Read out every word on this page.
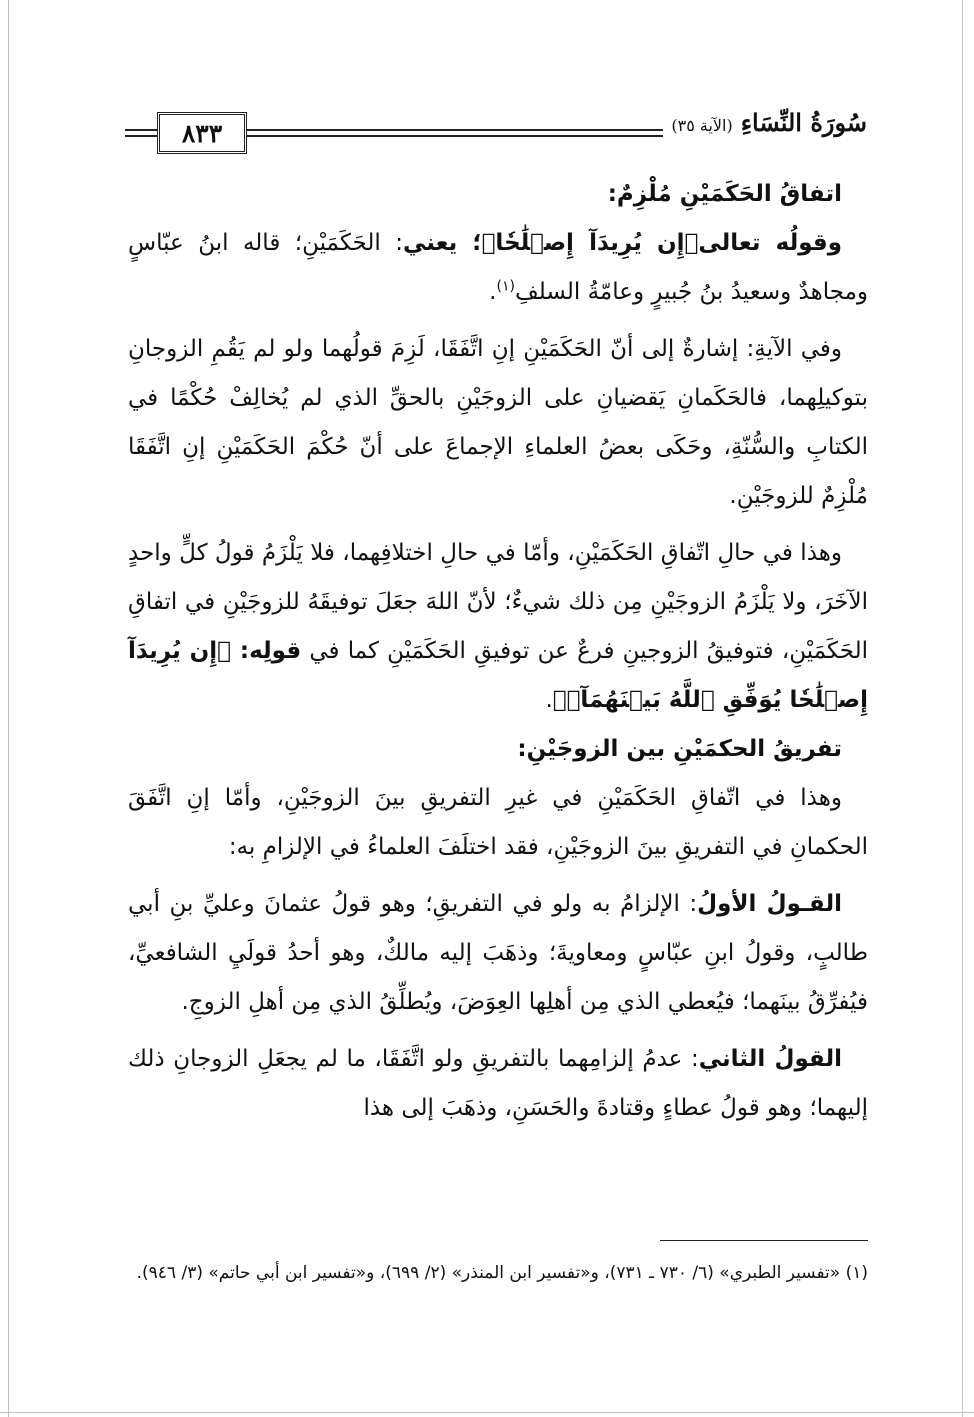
٨٣٣	سُورَةُ النِّسَاءِ
(الآية ٣٥)

اتفاقُ الحَكَمَيْنِ مُلْزِمٌ:

وقولُه تعالى﴿إِن يُرِيدَآ إِصۡلَٰحٗا﴾؛ يعني: الحَكَمَيْنِ؛ قاله ابنُ عبّاسٍ ومجاهدٌ وسعيدُ بنُ جُبيرٍ وعامّةُ السلفِ$^{(١)}$.

وفي الآيةِ: إشارةٌ إلى أنّ الحَكَمَيْنِ إنِ اتَّفَقَا، لَزِمَ قولُهما ولو لم يَقُمِ الزوجانِ بتوكيلِهما، فالحَكَمانِ يَقضيانِ على الزوجَيْنِ بالحقِّ الذي لم يُخالِفْ حُكْمًا في الكتابِ والسُّنّةِ، وحَكَى بعضُ العلماءِ الإجماعَ على أنّ حُكْمَ الحَكَمَيْنِ إنِ اتَّفَقَا مُلْزِمٌ للزوجَيْنِ.

وهذا في حالِ اتّفاقِ الحَكَمَيْنِ، وأمّا في حالِ اختلافِهما، فلا يَلْزَمُ قولُ كلٍّ واحدٍ الآخَرَ، ولا يَلْزَمُ الزوجَيْنِ مِن ذلك شيءٌ؛ لأنّ اللهَ جعَلَ توفيقَهُ للزوجَيْنِ في اتفاقِ الحَكَمَيْنِ، فتوفيقُ الزوجينِ فرعٌ عن توفيقِ الحَكَمَيْنِ كما في قولِه: ﴿إِن يُرِيدَآ إِصۡلَٰحٗا يُوَفِّقِ ٱللَّهُ بَيۡنَهُمَآۗ﴾.

تفريقُ الحكمَيْنِ بين الزوجَيْنِ:

وهذا في اتّفاقِ الحَكَمَيْنِ في غيرِ التفريقِ بينَ الزوجَيْنِ، وأمّا إنِ اتَّفَقَ الحكمانِ في التفريقِ بينَ الزوجَيْنِ، فقد اختلَفَ العلماءُ في الإلزامِ به:

القـولُ الأولُ: الإلزامُ به ولو في التفريقِ؛ وهو قولُ عثمانَ وعليِّ بنِ أبي طالبٍ، وقولُ ابنِ عبّاسٍ ومعاويةَ؛ وذهَبَ إليه مالكٌ، وهو أحدُ قولَيِ الشافعيِّ، فيُفرِّقُ بينَهما؛ فيُعطي الذي مِن أهلِها العِوَضَ، ويُطلِّقُ الذي مِن أهلِ الزوجِ.

القولُ الثاني: عدمُ إلزامِهما بالتفريقِ ولو اتَّفَقَا، ما لم يجعَلِ الزوجانِ ذلك إليهما؛ وهو قولُ عطاءٍ وقتادةَ والحَسَنِ، وذهَبَ إلى هذا

(١) «تفسير الطبري» (٦/ ٧٣٠ ـ ٧٣١)، و«تفسير ابن المنذر» (٢/ ٦٩٩)، و«تفسير ابن أبي حاتم» (٣/ ٩٤٦).
